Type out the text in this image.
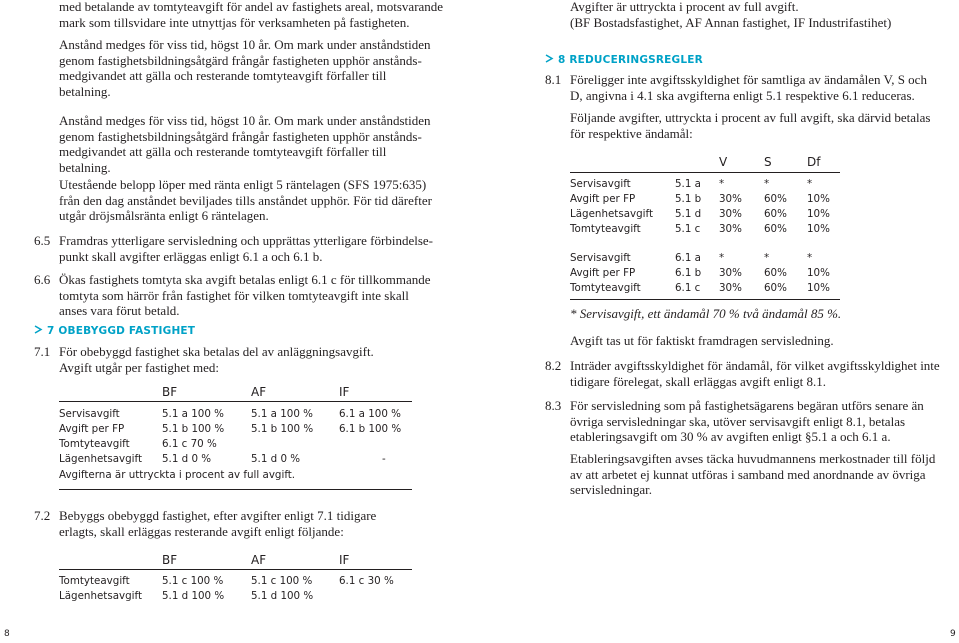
med betalande av tomtyteavgift för andel av fastighets areal, motsvarande
mark som tillsvidare inte utnyttjas för verksamheten på fastigheten.
Anstånd medges för viss tid, högst 10 år. Om mark under anståndstiden
genom fastighetsbildningsåtgärd frångår fastigheten upphör anstånds-
medgivandet att gälla och resterande tomtyteavgift förfaller till
betalning.
Anstånd medges för viss tid, högst 10 år. Om mark under anståndstiden
genom fastighetsbildningsåtgärd frångår fastigheten upphör anstånds-
medgivandet att gälla och resterande tomtyteavgift förfaller till
betalning.
Utestående belopp löper med ränta enligt 5 räntelagen (SFS 1975:635)
från den dag anståndet beviljades tills anståndet upphör. För tid därefter
utgår dröjsmålsränta enligt 6 räntelagen.
6.5 Framdras ytterligare servisledning och upprättas ytterligare förbindelse-
punkt skall avgifter erläggas enligt 6.1 a och 6.1 b.
6.6 Ökas fastighets tomtyta ska avgift betalas enligt 6.1 c för tillkommande
tomtyta som härrör från fastighet för vilken tomtyteavgift inte skall
anses vara förut betald.
7 OBEBYGGD FASTIGHET
7.1 För obebyggd fastighet ska betalas del av anläggningsavgift.
Avgift utgår per fastighet med:
BF	AF	IF
Servisavgift	5.1 a 100 %	5.1 a 100 %	6.1 a 100 %
Avgift per FP	5.1 b 100 %	5.1 b 100 %	6.1 b 100 %
Tomtyteavgift	6.1 c 70 %
Lägenhetsavgift 5.1 d 0 %	5.1 d 0 %	-
Avgifterna är uttryckta i procent av full avgift.
7.2 Bebyggs obebyggd fastighet, efter avgifter enligt 7.1 tidigare
erlagts, skall erläggas resterande avgift enligt följande:
BF	AF	IF
Tomtyteavgift	5.1 c 100 %	5.1 c 100 %	6.1 c 30 %
Lägenhetsavgift 5.1 d 100 %	5.1 d 100 %
8
Avgifter är uttryckta i procent av full avgift.
(BF Bostadsfastighet, AF Annan fastighet, IF Industrifastihet)
8 REDUCERINGSREGLER
8.1 Föreligger inte avgiftsskyldighet för samtliga av ändamålen V, S och
D, angivna i 4.1 ska avgifterna enligt 5.1 respektive 6.1 reduceras.
Följande avgifter, uttryckta i procent av full avgift, ska därvid betalas
för respektive ändamål:
V	S	Df
Servisavgift	5.1 a *	*	*
Avgift per FP	5.1 b 30% 60% 10%
Lägenhetsavgift 5.1 d 30% 60% 10%
Tomtyteavgift	5.1 c 30% 60% 10%
Servisavgift	6.1 a *	*	*
Avgift per FP	6.1 b 30% 60% 10%
Tomtyteavgift	6.1 c 30% 60% 10%
* Servisavgift, ett ändamål 70 % två ändamål 85 %.
Avgift tas ut för faktiskt framdragen servisledning.
8.2 Inträder avgiftsskyldighet för ändamål, för vilket avgiftsskyldighet inte
tidigare förelegat, skall erläggas avgift enligt 8.1.
8.3 För servisledning som på fastighetsägarens begäran utförs senare än
övriga servisledningar ska, utöver servisavgift enligt 8.1, betalas
etableringsavgift om 30 % av avgiften enligt §5.1 a och 6.1 a.
Etableringsavgiften avses täcka huvudmannens merkostnader till följd
av att arbetet ej kunnat utföras i samband med anordnande av övriga
servisledningar.
9
